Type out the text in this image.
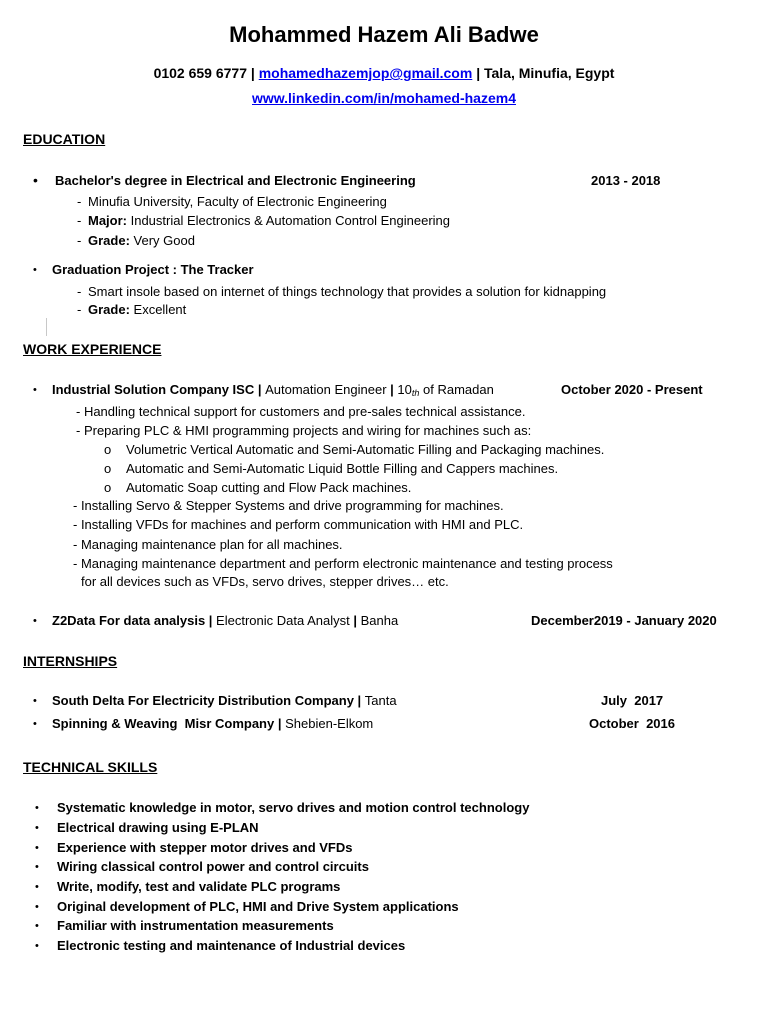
Mohammed Hazem Ali Badwe
0102 659 6777 | mohamedhazemjop@gmail.com | Tala, Minufia, Egypt
www.linkedin.com/in/mohamed-hazem4
EDUCATION
• Bachelor's degree in Electrical and Electronic Engineering	2013 - 2018
- Minufia University, Faculty of Electronic Engineering
- Major: Industrial Electronics & Automation Control Engineering
- Grade: Very Good
• Graduation Project : The Tracker
- Smart insole based on internet of things technology that provides a solution for kidnapping
- Grade: Excellent
WORK EXPERIENCE
• Industrial Solution Company ISC | Automation Engineer | $10_{th}$ of Ramadan	October 2020 - Present
- Handling technical support for customers and pre-sales technical assistance.
- Preparing PLC & HMI programming projects and wiring for machines such as:
o Volumetric Vertical Automatic and Semi-Automatic Filling and Packaging machines.
o Automatic and Semi-Automatic Liquid Bottle Filling and Cappers machines.
o Automatic Soap cutting and Flow Pack machines.
- Installing Servo & Stepper Systems and drive programming for machines.
- Installing VFDs for machines and perform communication with HMI and PLC.
- Managing maintenance plan for all machines.
- Managing maintenance department and perform electronic maintenance and testing process
for all devices such as VFDs, servo drives, stepper drives… etc.
• Z2Data For data analysis | Electronic Data Analyst | Banha	December2019 - January 2020
INTERNSHIPS
• South Delta For Electricity Distribution Company | Tanta	July  2017
• Spinning & Weaving  Misr Company | Shebien-Elkom	October  2016
TECHNICAL SKILLS
• Systematic knowledge in motor, servo drives and motion control technology
• Electrical drawing using E-PLAN
• Experience with stepper motor drives and VFDs
• Wiring classical control power and control circuits
• Write, modify, test and validate PLC programs
• Original development of PLC, HMI and Drive System applications
• Familiar with instrumentation measurements
• Electronic testing and maintenance of Industrial devices
